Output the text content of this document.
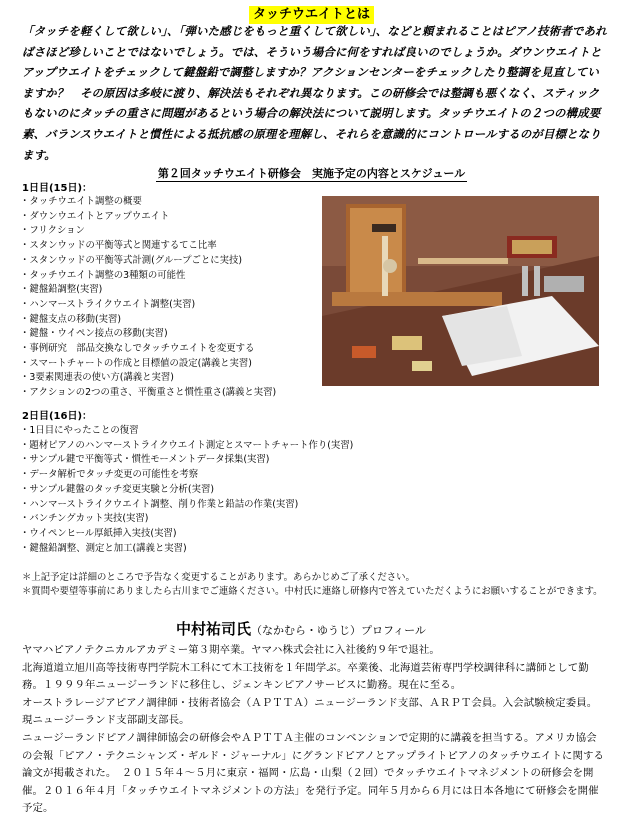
タッチウエイトとは
「タッチを軽くして欲しい」、「弾いた感じをもっと重くして欲しい」、などと頼まれることはピアノ技術者であればさほど珍しいことではないでしょう。では、そういう場合に何をすれば良いのでしょうか。ダウンウエイトとアップウエイトをチェックして鍵盤鉛で調整しますか？アクションセンターをチェックしたり整調を見直していますか？　その原因は多岐に渡り、解決法もそれぞれ異なります。この研修会では整調も悪くなく、スティックもないのにタッチの重さに問題があるという場合の解決法について説明します。タッチウエイトの２つの構成要素、バランスウエイトと慣性による抵抗感の原理を理解し、それらを意識的にコントロールするのが目標となります。
第２回タッチウエイト研修会　実施予定の内容とスケジュール
1日目(15日)：
・ タッチウエイト調整の概要
・ ダウンウエイトとアップウエイト
・ フリクション
・ スタンウッドの平衡等式と関連するてこ比率
・ スタンウッドの平衡等式計測(グループごとに実技)
・ タッチウエイト調整の3種類の可能性
・ 鍵盤鉛調整(実習)
・ ハンマーストライクウエイト調整(実習)
・ 鍵盤支点の移動(実習)
・ 鍵盤・ウイペン接点の移動(実習)
・ 事例研究　部品交換なしでタッチウエイトを変更する
・ スマートチャートの作成と目標値の設定(講義と実習)
・ 3要素関連表の使い方(講義と実習)
・ アクションの2つの重さ、平衡重さと慣性重さ(講義と実習)
2日目(16日)：
・ 1日目にやったことの復習
・ 題材ピアノのハンマーストライクウエイト測定とスマートチャート作り(実習)
・ サンプル鍵で平衡等式・慣性モーメントデータ採集(実習)
・ データ解析でタッチ変更の可能性を考察
・ サンプル鍵盤のタッチ変更実験と分析(実習)
・ ハンマーストライクウエイト調整、削り作業と鉛詰の作業(実習)
・ バンチングカット実技(実習)
・ ウイペンヒール厚紙挿入実技(実習)
・ 鍵盤鉛調整、測定と加工(講義と実習)
＊上記予定は詳細のところで予告なく変更することがあります。あらかじめご了承ください。
＊質問や要望等事前にありましたら古川までご連絡ください。中村氏に連絡し研修内で答えていただくようにお願いすることができます。
中村祐司氏（なかむら・ゆうじ）プロフィール
ヤマハピアノテクニカルアカデミー第３期卒業。ヤマハ株式会社に入社後約９年で退社。
北海道道立旭川高等技術専門学院木工科にて木工技術を１年間学ぶ。卒業後、北海道芸術専門学校調律科に講師として勤務。１９９９年ニュージーランドに移住し、ジェンキンピアノサービスに勤務。現在に至る。
オーストラレージアピアノ調律師・技術者協会（ＡＰＴＴＡ）ニュージーランド支部、ＡＲＰＴ会員。入会試験検定委員。現ニュージーランド支部副支部長。
ニュージーランドピアノ調律師協会の研修会やＡＰＴＴＡ主催のコンベンションで定期的に講義を担当する。アメリカ協会の会報「ピアノ・テクニシャンズ・ギルド・ジャーナル」にグランドピアノとアップライトピアノのタッチウエイトに関する論文が掲載された。　２０１５年４～５月に東京・福岡・広島・山梨（２回）でタッチウエイトマネジメントの研修会を開催。２０１６年４月「タッチウエイトマネジメントの方法」を発行予定。同年５月から６月には日本各地にて研修会を開催予定。
